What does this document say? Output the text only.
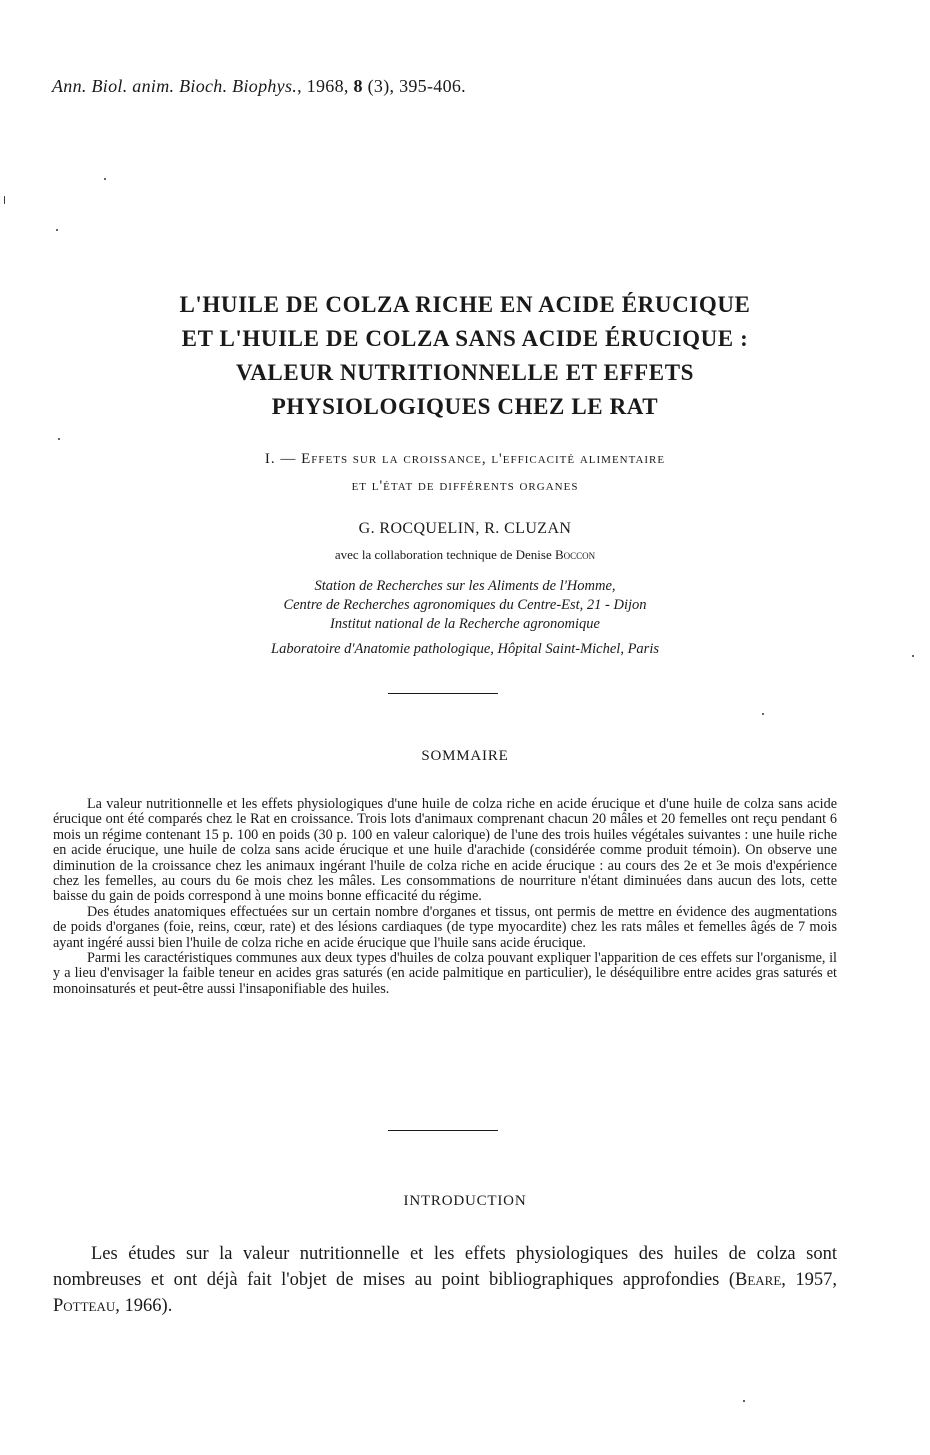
Ann. Biol. anim. Bioch. Biophys., 1968, 8 (3), 395-406.
L'HUILE DE COLZA RICHE EN ACIDE ÉRUCIQUE
ET L'HUILE DE COLZA SANS ACIDE ÉRUCIQUE :
VALEUR NUTRITIONNELLE ET EFFETS
PHYSIOLOGIQUES CHEZ LE RAT
I. — Effets sur la croissance, l'efficacité alimentaire
et l'état de différents organes
G. ROCQUELIN, R. CLUZAN
avec la collaboration technique de Denise Boccon
Station de Recherches sur les Aliments de l'Homme,
Centre de Recherches agronomiques du Centre-Est, 21 - Dijon
Institut national de la Recherche agronomique
Laboratoire d'Anatomie pathologique, Hôpital Saint-Michel, Paris
SOMMAIRE

La valeur nutritionnelle et les effets physiologiques d'une huile de colza riche en acide érucique et d'une huile de colza sans acide érucique ont été comparés chez le Rat en croissance. Trois lots d'animaux comprenant chacun 20 mâles et 20 femelles ont reçu pendant 6 mois un régime contenant 15 p. 100 en poids (30 p. 100 en valeur calorique) de l'une des trois huiles végétales suivantes : une huile riche en acide érucique, une huile de colza sans acide érucique et une huile d'arachide (considérée comme produit témoin). On observe une diminution de la croissance chez les animaux ingérant l'huile de colza riche en acide érucique : au cours des 2e et 3e mois d'expérience chez les femelles, au cours du 6e mois chez les mâles. Les consommations de nourriture n'étant diminuées dans aucun des lots, cette baisse du gain de poids correspond à une moins bonne efficacité du régime.

Des études anatomiques effectuées sur un certain nombre d'organes et tissus, ont permis de mettre en évidence des augmentations de poids d'organes (foie, reins, cœur, rate) et des lésions cardiaques (de type myocardite) chez les rats mâles et femelles âgés de 7 mois ayant ingéré aussi bien l'huile de colza riche en acide érucique que l'huile sans acide érucique.

Parmi les caractéristiques communes aux deux types d'huiles de colza pouvant expliquer l'apparition de ces effets sur l'organisme, il y a lieu d'envisager la faible teneur en acides gras saturés (en acide palmitique en particulier), le déséquilibre entre acides gras saturés et monoinsaturés et peut-être aussi l'insaponifiable des huiles.

INTRODUCTION

Les études sur la valeur nutritionnelle et les effets physiologiques des huiles de colza sont nombreuses et ont déjà fait l'objet de mises au point bibliographiques approfondies (Beare, 1957, Potteau, 1966).
